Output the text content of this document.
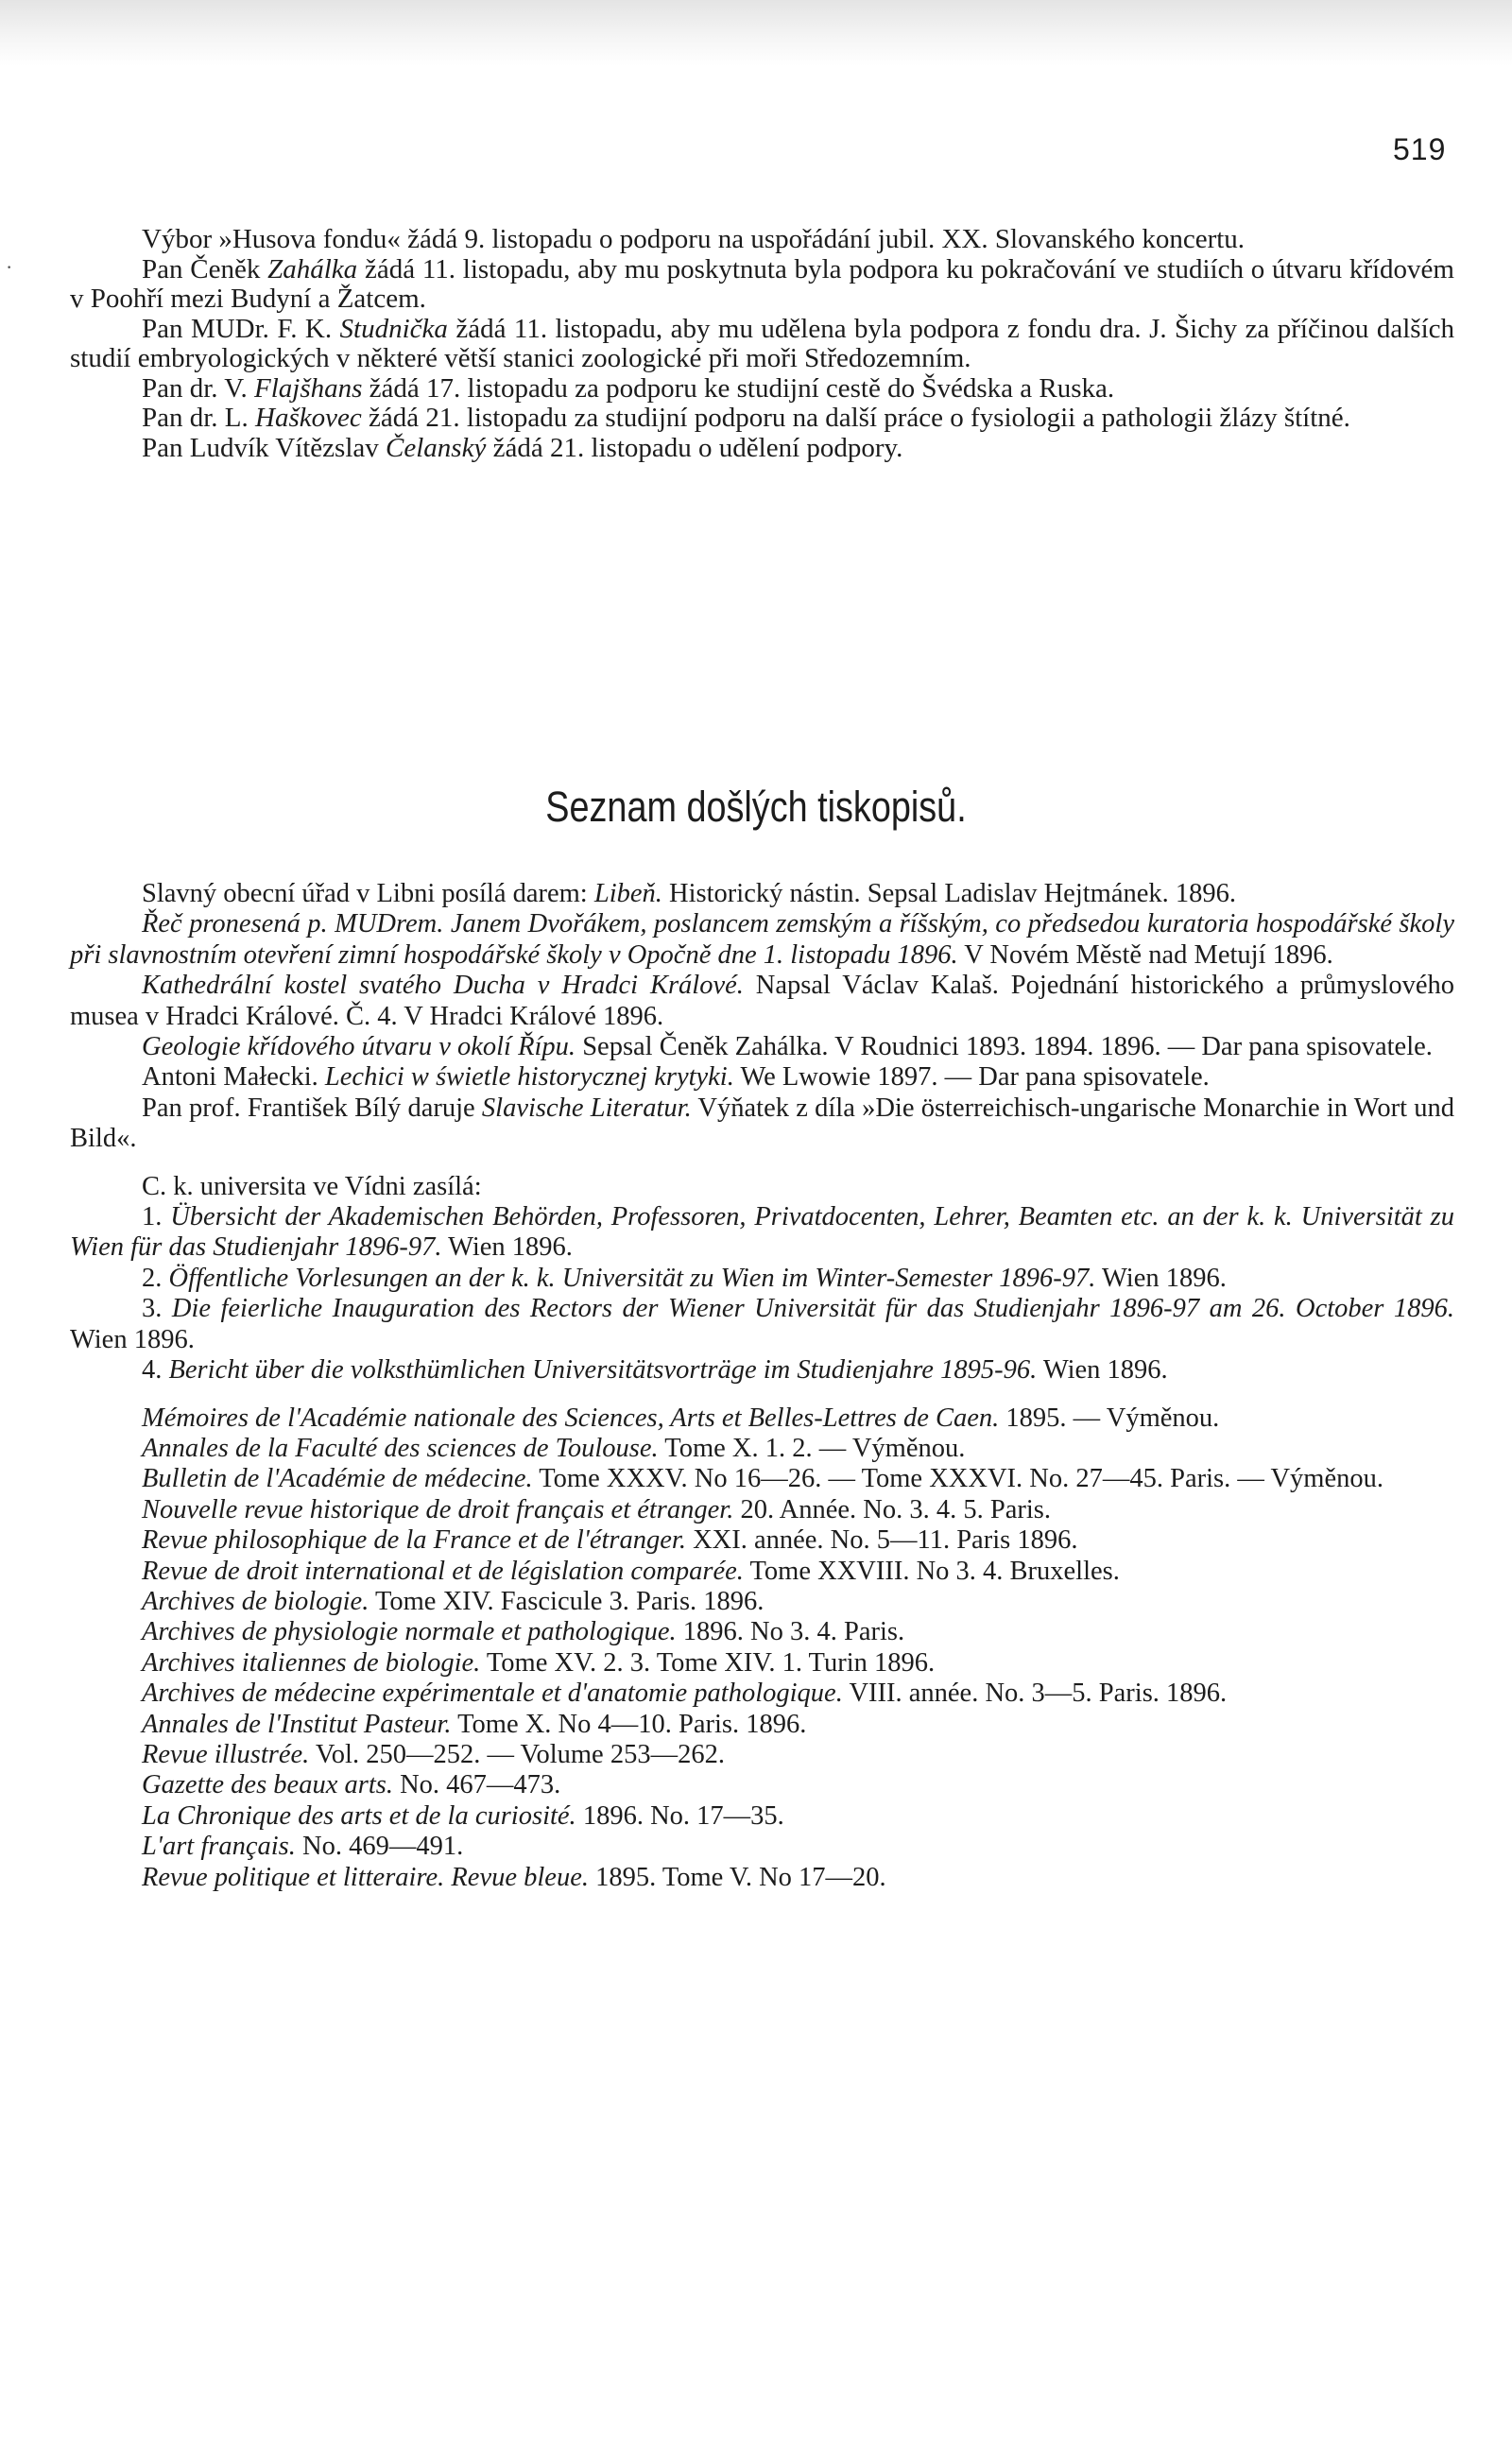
519
·

Výbor »Husova fondu« žádá 9. listopadu o podporu na uspořádání jubil. XX. Slovanského koncertu.

Pan Čeněk Zahálka žádá 11. listopadu, aby mu poskytnuta byla podpora ku pokračování ve studiích o útvaru křídovém v Poohří mezi Budyní a Žatcem.

Pan MUDr. F. K. Studnička žádá 11. listopadu, aby mu udělena byla podpora z fondu dra. J. Šichy za příčinou dalších studií embryologických v některé větší stanici zoologické při moři Středozemním.

Pan dr. V. Flajšhans žádá 17. listopadu za podporu ke studijní cestě do Švédska a Ruska.

Pan dr. L. Haškovec žádá 21. listopadu za studijní podporu na další práce o fysiologii a pathologii žlázy štítné.

Pan Ludvík Vítězslav Čelanský žádá 21. listopadu o udělení podpory.

Seznam došlých tiskopisů.

Slavný obecní úřad v Libni posílá darem: Libeň. Historický nástin. Sepsal Ladislav Hejtmánek. 1896.

Řeč pronesená p. MUDrem. Janem Dvořákem, poslancem zemským a říšským, co předsedou kuratoria hospodářské školy při slavnostním otevření zimní hospodářské školy v Opočně dne 1. listopadu 1896. V Novém Městě nad Metují 1896.

Kathedrální kostel svatého Ducha v Hradci Králové. Napsal Václav Kalaš. Pojednání historického a průmyslového musea v Hradci Králové. Č. 4. V Hradci Králové 1896.

Geologie křídového útvaru v okolí Řípu. Sepsal Čeněk Zahálka. V Roudnici 1893. 1894. 1896. — Dar pana spisovatele.

Antoni Małecki. Lechici w świetle historycznej krytyki. We Lwowie 1897. — Dar pana spisovatele.

Pan prof. František Bílý daruje Slavische Literatur. Výňatek z díla »Die österreichisch-ungarische Monarchie in Wort und Bild«.

C. k. universita ve Vídni zasílá:

1. Übersicht der Akademischen Behörden, Professoren, Privatdocenten, Lehrer, Beamten etc. an der k. k. Universität zu Wien für das Studienjahr 1896-97. Wien 1896.

2. Öffentliche Vorlesungen an der k. k. Universität zu Wien im Winter-Semester 1896-97. Wien 1896.

3. Die feierliche Inauguration des Rectors der Wiener Universität für das Studienjahr 1896-97 am 26. October 1896. Wien 1896.

4. Bericht über die volksthümlichen Universitätsvorträge im Studienjahre 1895-96. Wien 1896.

Mémoires de l'Académie nationale des Sciences, Arts et Belles-Lettres de Caen. 1895. — Výměnou.

Annales de la Faculté des sciences de Toulouse. Tome X. 1. 2. — Výměnou.

Bulletin de l'Académie de médecine. Tome XXXV. No 16—26. — Tome XXXVI. No. 27—45. Paris. — Výměnou.

Nouvelle revue historique de droit français et étranger. 20. Année. No. 3. 4. 5. Paris.

Revue philosophique de la France et de l'étranger. XXI. année. No. 5—11. Paris 1896.

Revue de droit international et de législation comparée. Tome XXVIII. No 3. 4. Bruxelles.

Archives de biologie. Tome XIV. Fascicule 3. Paris. 1896.

Archives de physiologie normale et pathologique. 1896. No 3. 4. Paris.

Archives italiennes de biologie. Tome XV. 2. 3. Tome XIV. 1. Turin 1896.

Archives de médecine expérimentale et d'anatomie pathologique. VIII. année. No. 3—5. Paris. 1896.

Annales de l'Institut Pasteur. Tome X. No 4—10. Paris. 1896.

Revue illustrée. Vol. 250—252. — Volume 253—262.

Gazette des beaux arts. No. 467—473.

La Chronique des arts et de la curiosité. 1896. No. 17—35.

L'art français. No. 469—491.

Revue politique et litteraire. Revue bleue. 1895. Tome V. No 17—20.
